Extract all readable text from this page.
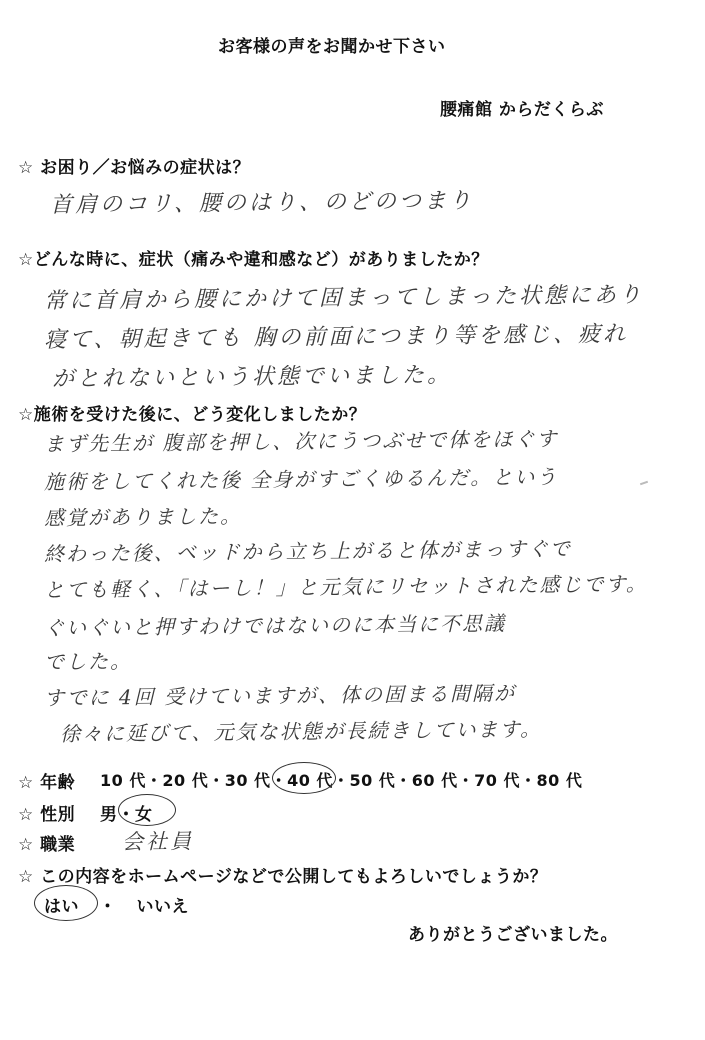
お客様の声をお聞かせ下さい
腰痛館 からだくらぶ
☆ お困り／お悩みの症状は？
首肩のコリ、腰のはり、のどのつまり
☆どんな時に、症状（痛みや違和感など）がありましたか？
常に首肩から腰にかけて固まってしまった状態にあり
寝て、朝起きても 胸の前面につまり等を感じ、疲れ
がとれないという状態でいました。
☆施術を受けた後に、どう変化しましたか？
まず先生が 腹部を押し、次にうつぶせで体をほぐす
施術をしてくれた後 全身がすごくゆるんだ。という
感覚がありました。
終わった後、ベッドから立ち上がると体がまっすぐで
とても軽く、「はーし！」と元気にリセットされた感じです。
ぐいぐいと押すわけではないのに本当に不思議
でした。
すでに 4回 受けていますが、体の固まる間隔が
徐々に延びて、元気な状態が長続きしています。
☆ 年齢 10 代・20 代・30 代・40 代・50 代・60 代・70 代・80 代
☆ 性別 男・女
☆ 職業 会社員
☆ この内容をホームページなどで公開してもよろしいでしょうか？
はい ・ いいえ
ありがとうございました。
